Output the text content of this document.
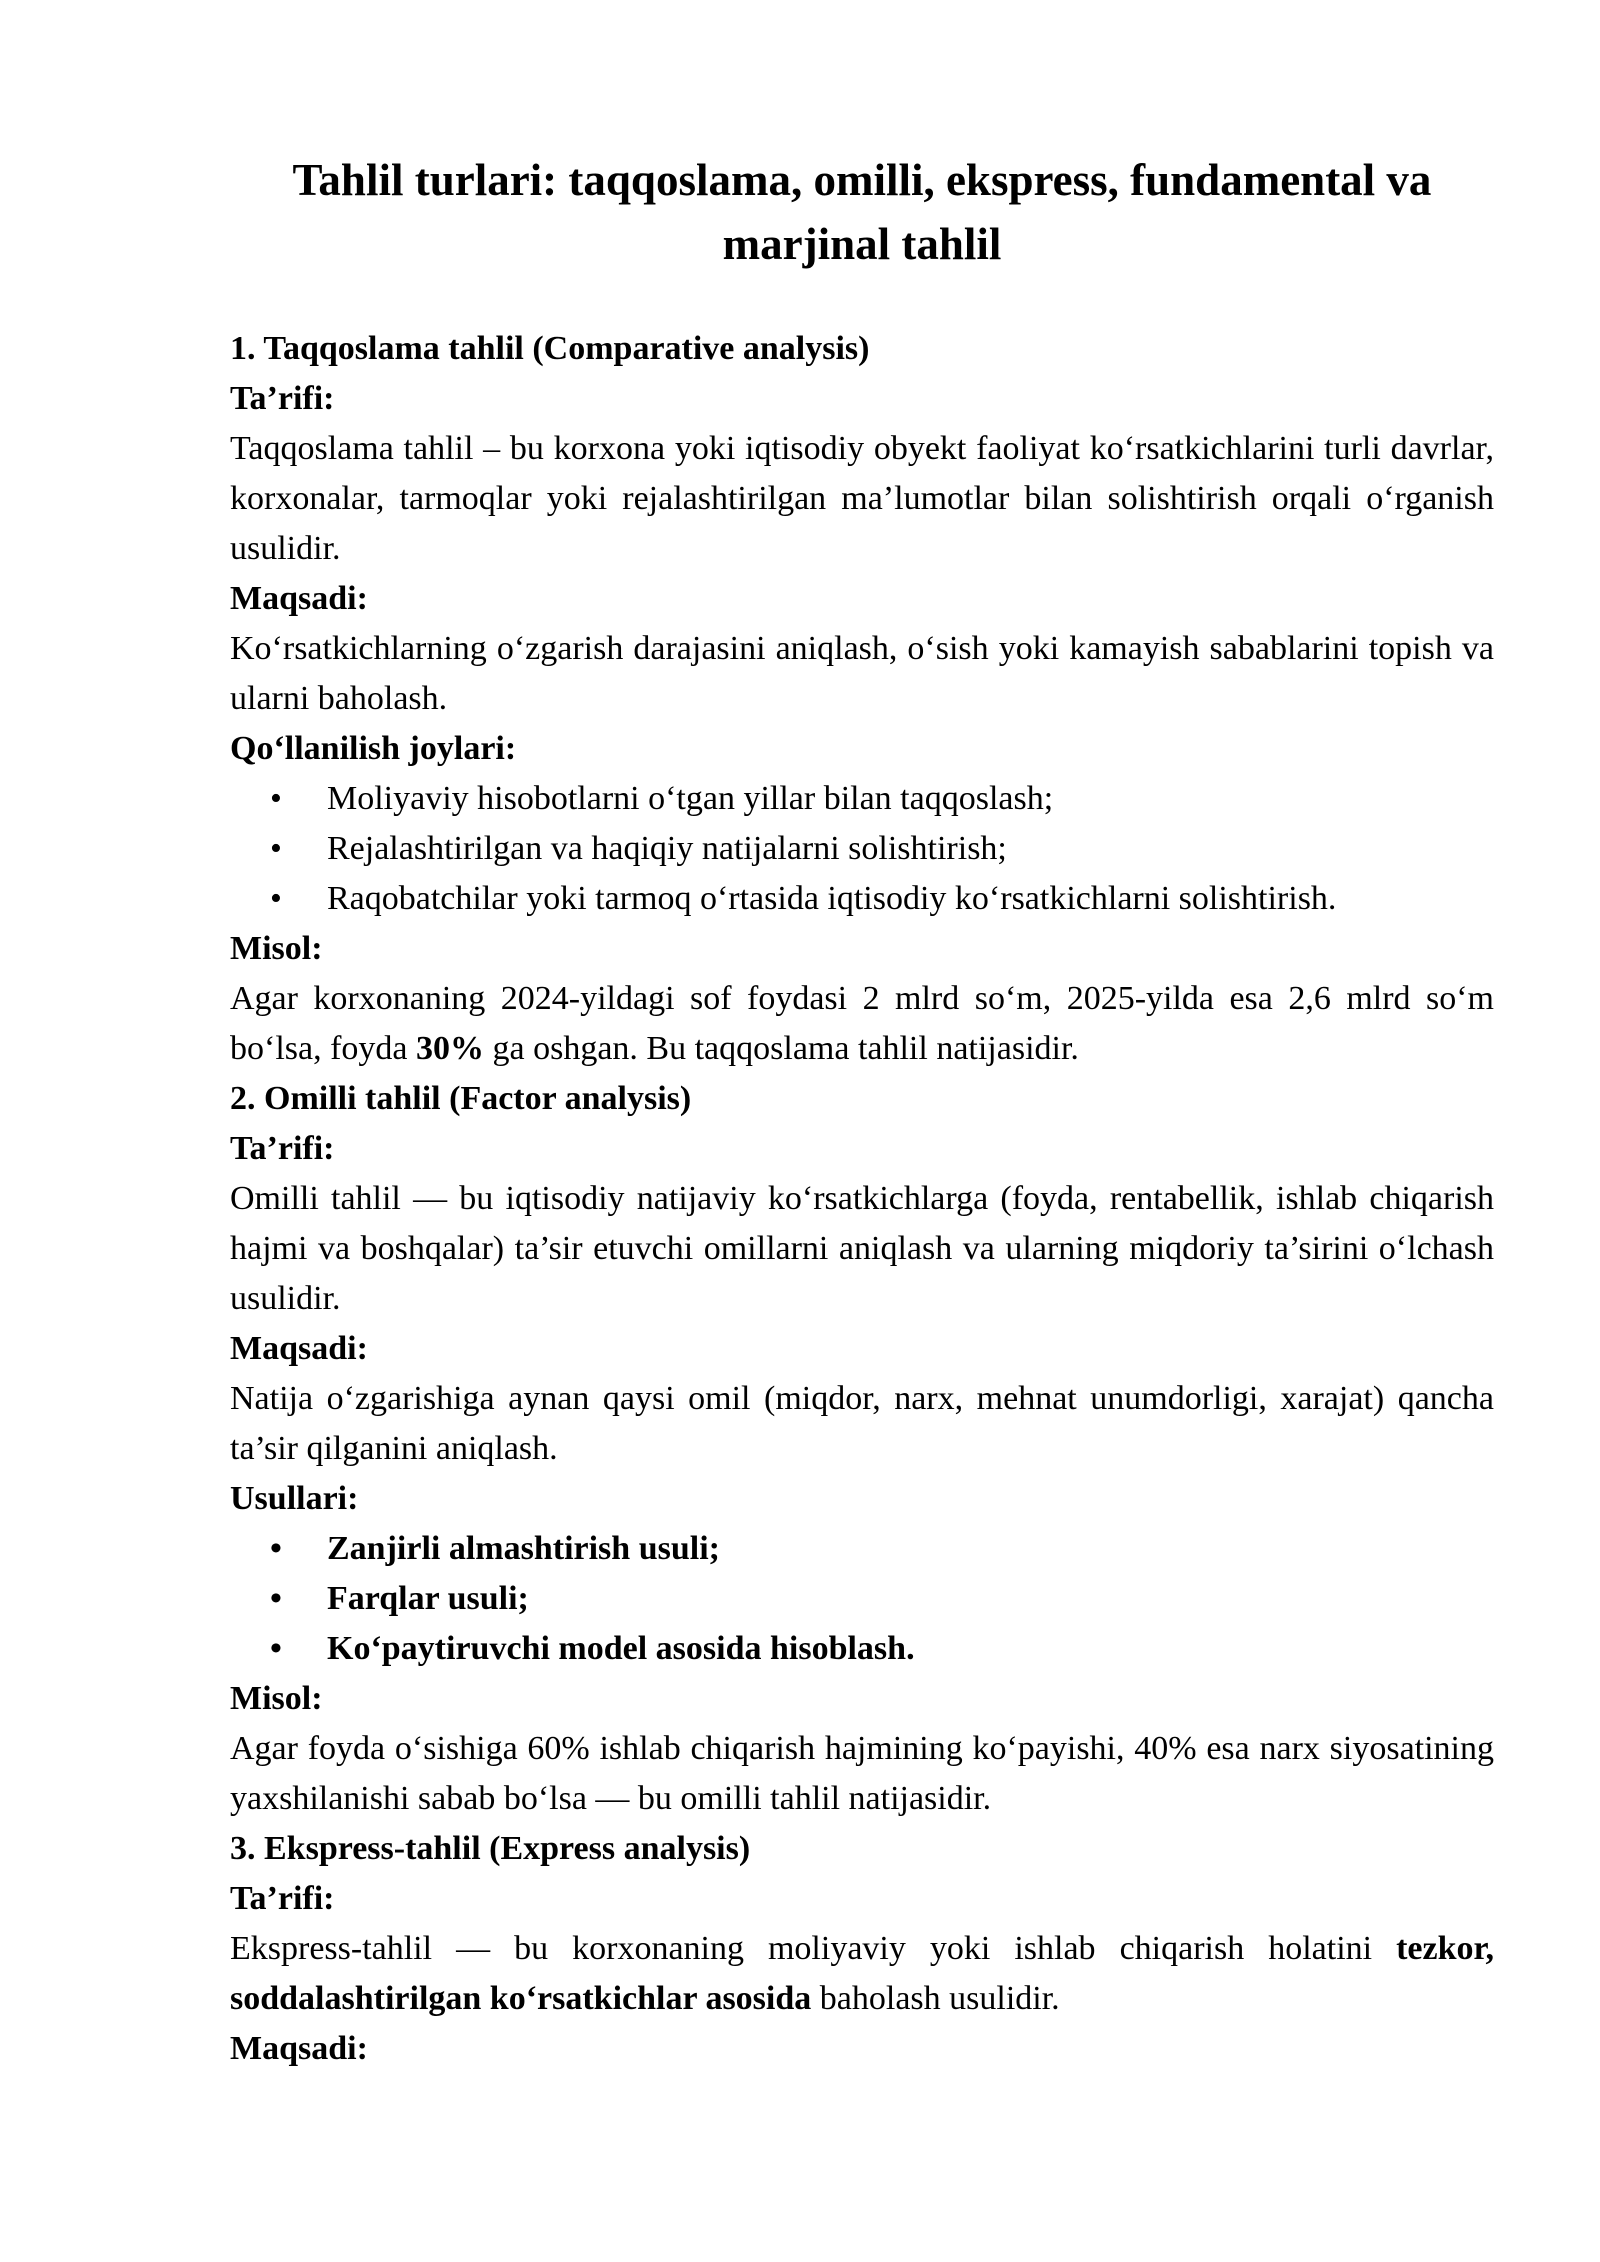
Tahlil turlari: taqqoslama, omilli, ekspress, fundamental va
marjinal tahlil

1. Taqqoslama tahlil (Comparative analysis)

Ta’rifi:

Taqqoslama tahlil – bu korxona yoki iqtisodiy obyekt faoliyat ko‘rsatkichlarini turli davrlar, korxonalar, tarmoqlar yoki rejalashtirilgan ma’lumotlar bilan solishtirish orqali o‘rganish usulidir.

Maqsadi:

Ko‘rsatkichlarning o‘zgarish darajasini aniqlash, o‘sish yoki kamayish sabablarini topish va ularni baholash.

Qo‘llanilish joylari:

•	Moliyaviy hisobotlarni o‘tgan yillar bilan taqqoslash;
•	Rejalashtirilgan va haqiqiy natijalarni solishtirish;
•	Raqobatchilar yoki tarmoq o‘rtasida iqtisodiy ko‘rsatkichlarni solishtirish.

Misol:

Agar korxonaning 2024-yildagi sof foydasi 2 mlrd so‘m, 2025-yilda esa 2,6 mlrd so‘m bo‘lsa, foyda 30% ga oshgan. Bu taqqoslama tahlil natijasidir.

2. Omilli tahlil (Factor analysis)

Ta’rifi:

Omilli tahlil — bu iqtisodiy natijaviy ko‘rsatkichlarga (foyda, rentabellik, ishlab chiqarish hajmi va boshqalar) ta’sir etuvchi omillarni aniqlash va ularning miqdoriy ta’sirini o‘lchash usulidir.

Maqsadi:

Natija o‘zgarishiga aynan qaysi omil (miqdor, narx, mehnat unumdorligi, xarajat) qancha ta’sir qilganini aniqlash.

Usullari:

•	Zanjirli almashtirish usuli;
•	Farqlar usuli;
•	Ko‘paytiruvchi model asosida hisoblash.

Misol:

Agar foyda o‘sishiga 60% ishlab chiqarish hajmining ko‘payishi, 40% esa narx siyosatining yaxshilanishi sabab bo‘lsa — bu omilli tahlil natijasidir.

3. Ekspress-tahlil (Express analysis)

Ta’rifi:

Ekspress-tahlil — bu korxonaning moliyaviy yoki ishlab chiqarish holatini tezkor, soddalashtirilgan ko‘rsatkichlar asosida baholash usulidir.

Maqsadi:
